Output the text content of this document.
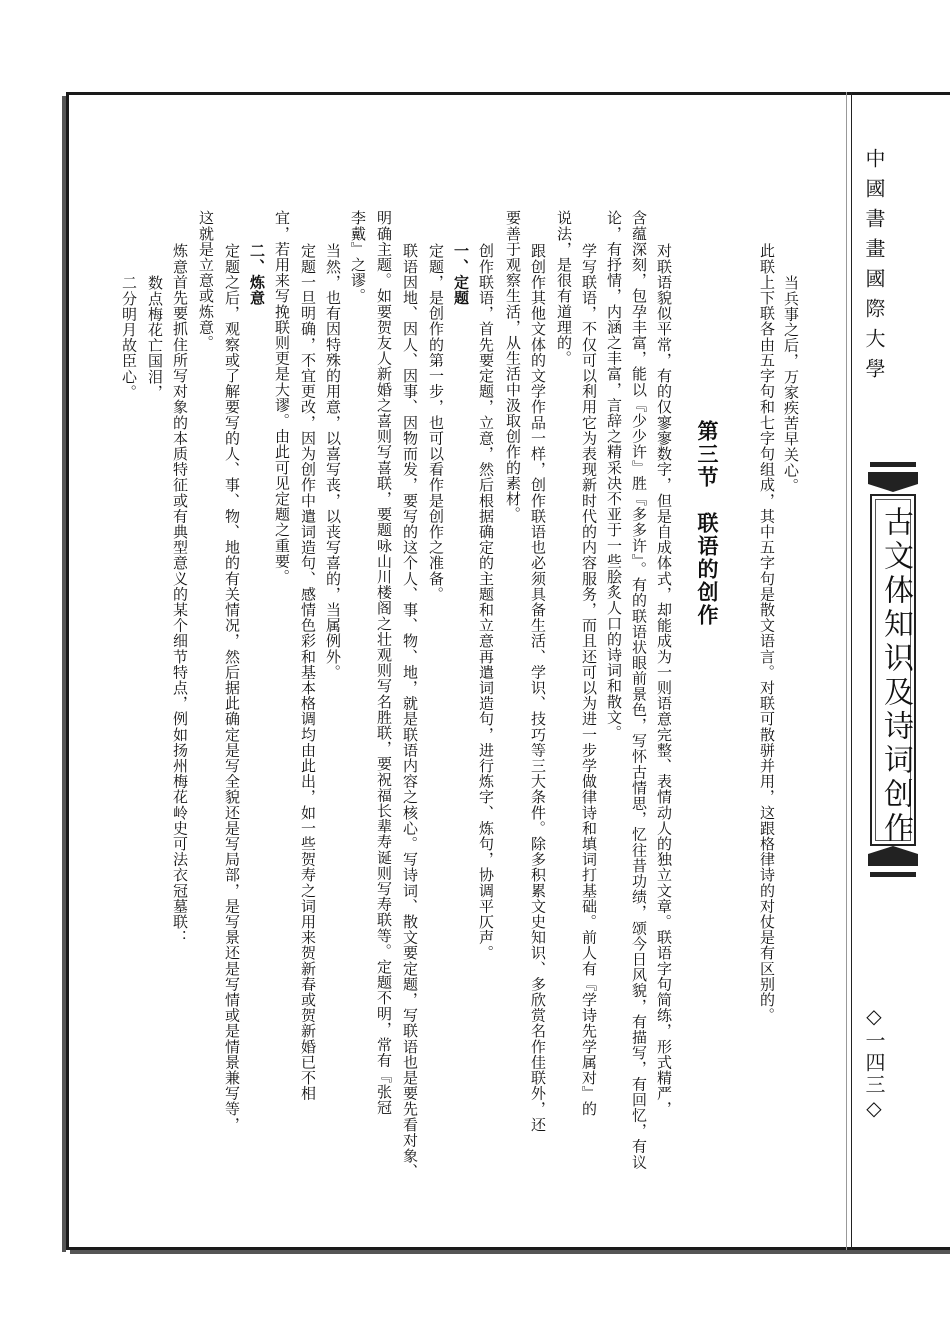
中國書畫國際大學
古文体知识及诗词创作
◇一四三◇
当兵事之后，万家疾苦早关心。
此联上下联各由五字句和七字句组成，其中五字句是散文语言。对联可散骈并用，这跟格律诗的对仗是有区别的。
第三节　联语的创作
对联语貌似平常，有的仅寥寥数字，但是自成体式，却能成为一则语意完整、表情动人的独立文章。联语字句简练，形式精严，
含蕴深刻，包孕丰富，能以『少少许』胜『多多许』。有的联语状眼前景色，写怀古情思，忆往昔功绩，颂今日风貌，有描写，有回忆，有议
论，有抒情，内涵之丰富，言辞之精采决不亚于一些脍炙人口的诗词和散文。
学写联语，不仅可以利用它为表现新时代的内容服务，而且还可以为进一步学做律诗和填词打基础。前人有『学诗先学属对』的
说法，是很有道理的。
跟创作其他文体的文学作品一样，创作联语也必须具备生活、学识、技巧等三大条件。除多积累文史知识、多欣赏名作佳联外，还
要善于观察生活，从生活中汲取创作的素材。
创作联语，首先要定题，立意，然后根据确定的主题和立意再遣词造句，进行炼字、炼句，协调平仄声。
一、定题
定题，是创作的第一步，也可以看作是创作之准备。
联语因地、因人、因事、因物而发，要写的这个人、事、物、地，就是联语内容之核心。写诗词、散文要定题，写联语也是要先看对象、
明确主题。如要贺友人新婚之喜则写喜联，要题咏山川楼阁之壮观则写名胜联，要祝福长辈寿诞则写寿联等。定题不明，常有『张冠
李戴』之谬。
当然，也有因特殊的用意，以喜写丧，以丧写喜的，当属例外。
定题一旦明确，不宜更改，因为创作中遣词造句、感情色彩和基本格调均由此出，如一些贺寿之词用来贺新春或贺新婚已不相
宜，若用来写挽联则更是大谬。由此可见定题之重要。
二、炼意
定题之后，观察或了解要写的人、事、物、地的有关情况，然后据此确定是写全貌还是写局部，是写景还是写情或是情景兼写等，
这就是立意或炼意。
炼意首先要抓住所写对象的本质特征或有典型意义的某个细节特点，例如扬州梅花岭史可法衣冠墓联：
数点梅花亡国泪，
二分明月故臣心。
